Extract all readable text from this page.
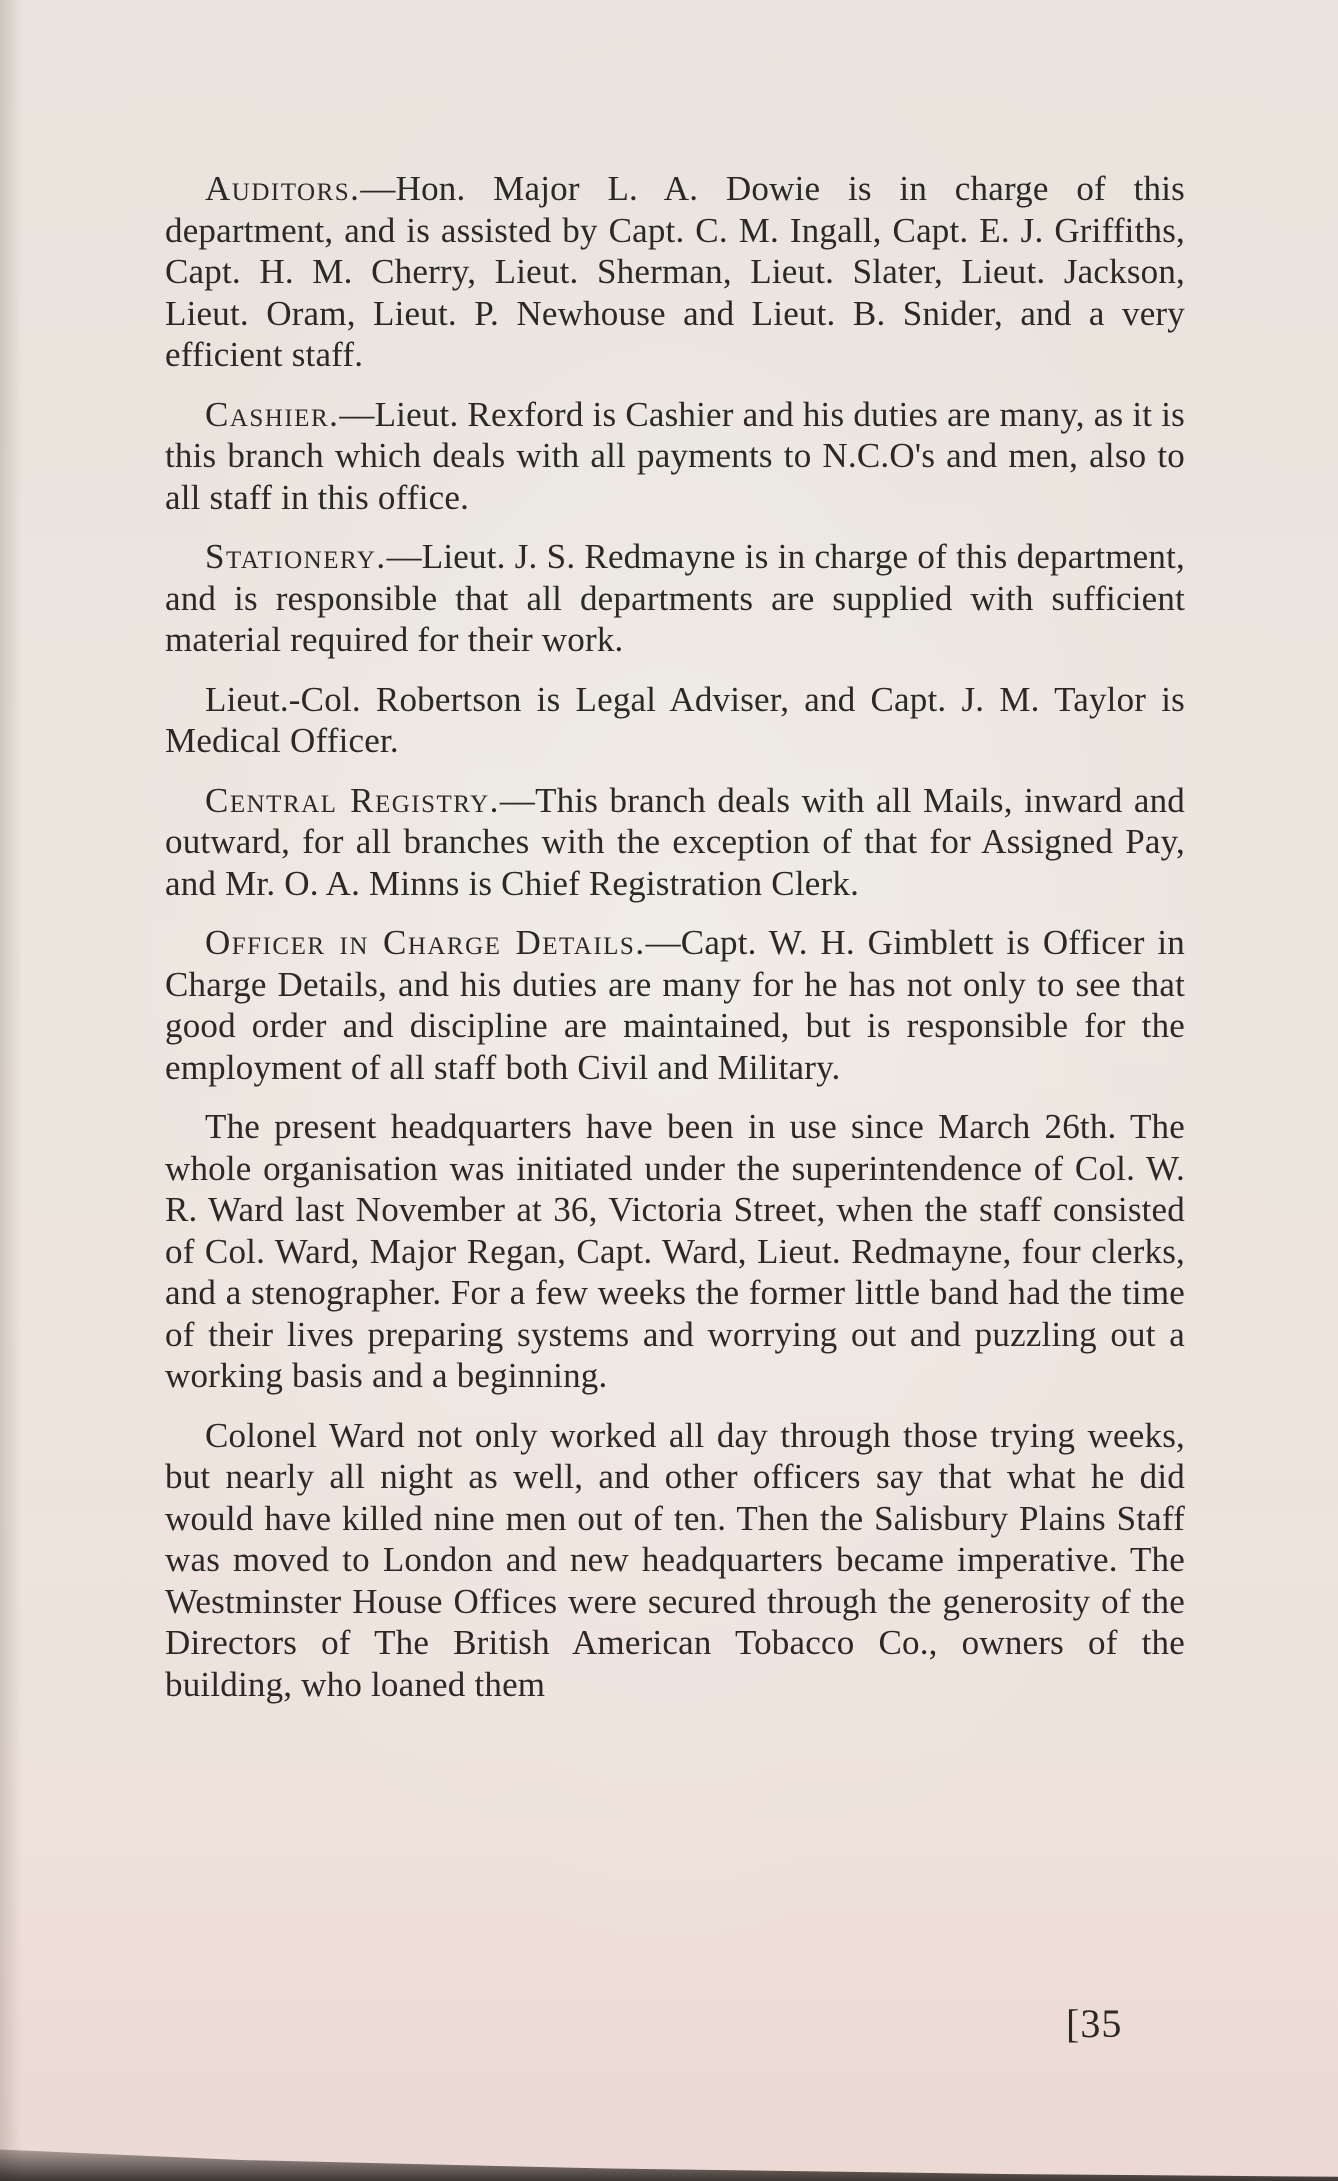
Auditors.—Hon. Major L. A. Dowie is in charge of this department, and is assisted by Capt. C. M. Ingall, Capt. E. J. Griffiths, Capt. H. M. Cherry, Lieut. Sherman, Lieut. Slater, Lieut. Jackson, Lieut. Oram, Lieut. P. Newhouse and Lieut. B. Snider, and a very efficient staff.

Cashier.—Lieut. Rexford is Cashier and his duties are many, as it is this branch which deals with all payments to N.C.O's and men, also to all staff in this office.

Stationery.—Lieut. J. S. Redmayne is in charge of this department, and is responsible that all departments are supplied with sufficient material required for their work.

Lieut.-Col. Robertson is Legal Adviser, and Capt. J. M. Taylor is Medical Officer.

Central Registry.—This branch deals with all Mails, inward and outward, for all branches with the exception of that for Assigned Pay, and Mr. O. A. Minns is Chief Registration Clerk.

Officer in Charge Details.—Capt. W. H. Gimblett is Officer in Charge Details, and his duties are many for he has not only to see that good order and discipline are maintained, but is responsible for the employment of all staff both Civil and Military.

The present headquarters have been in use since March 26th. The whole organisation was initiated under the superintendence of Col. W. R. Ward last November at 36, Victoria Street, when the staff consisted of Col. Ward, Major Regan, Capt. Ward, Lieut. Redmayne, four clerks, and a stenographer. For a few weeks the former little band had the time of their lives preparing systems and worrying out and puzzling out a working basis and a beginning.

Colonel Ward not only worked all day through those trying weeks, but nearly all night as well, and other officers say that what he did would have killed nine men out of ten. Then the Salisbury Plains Staff was moved to London and new headquarters became imperative. The Westminster House Offices were secured through the generosity of the Directors of The British American Tobacco Co., owners of the building, who loaned them

[35
